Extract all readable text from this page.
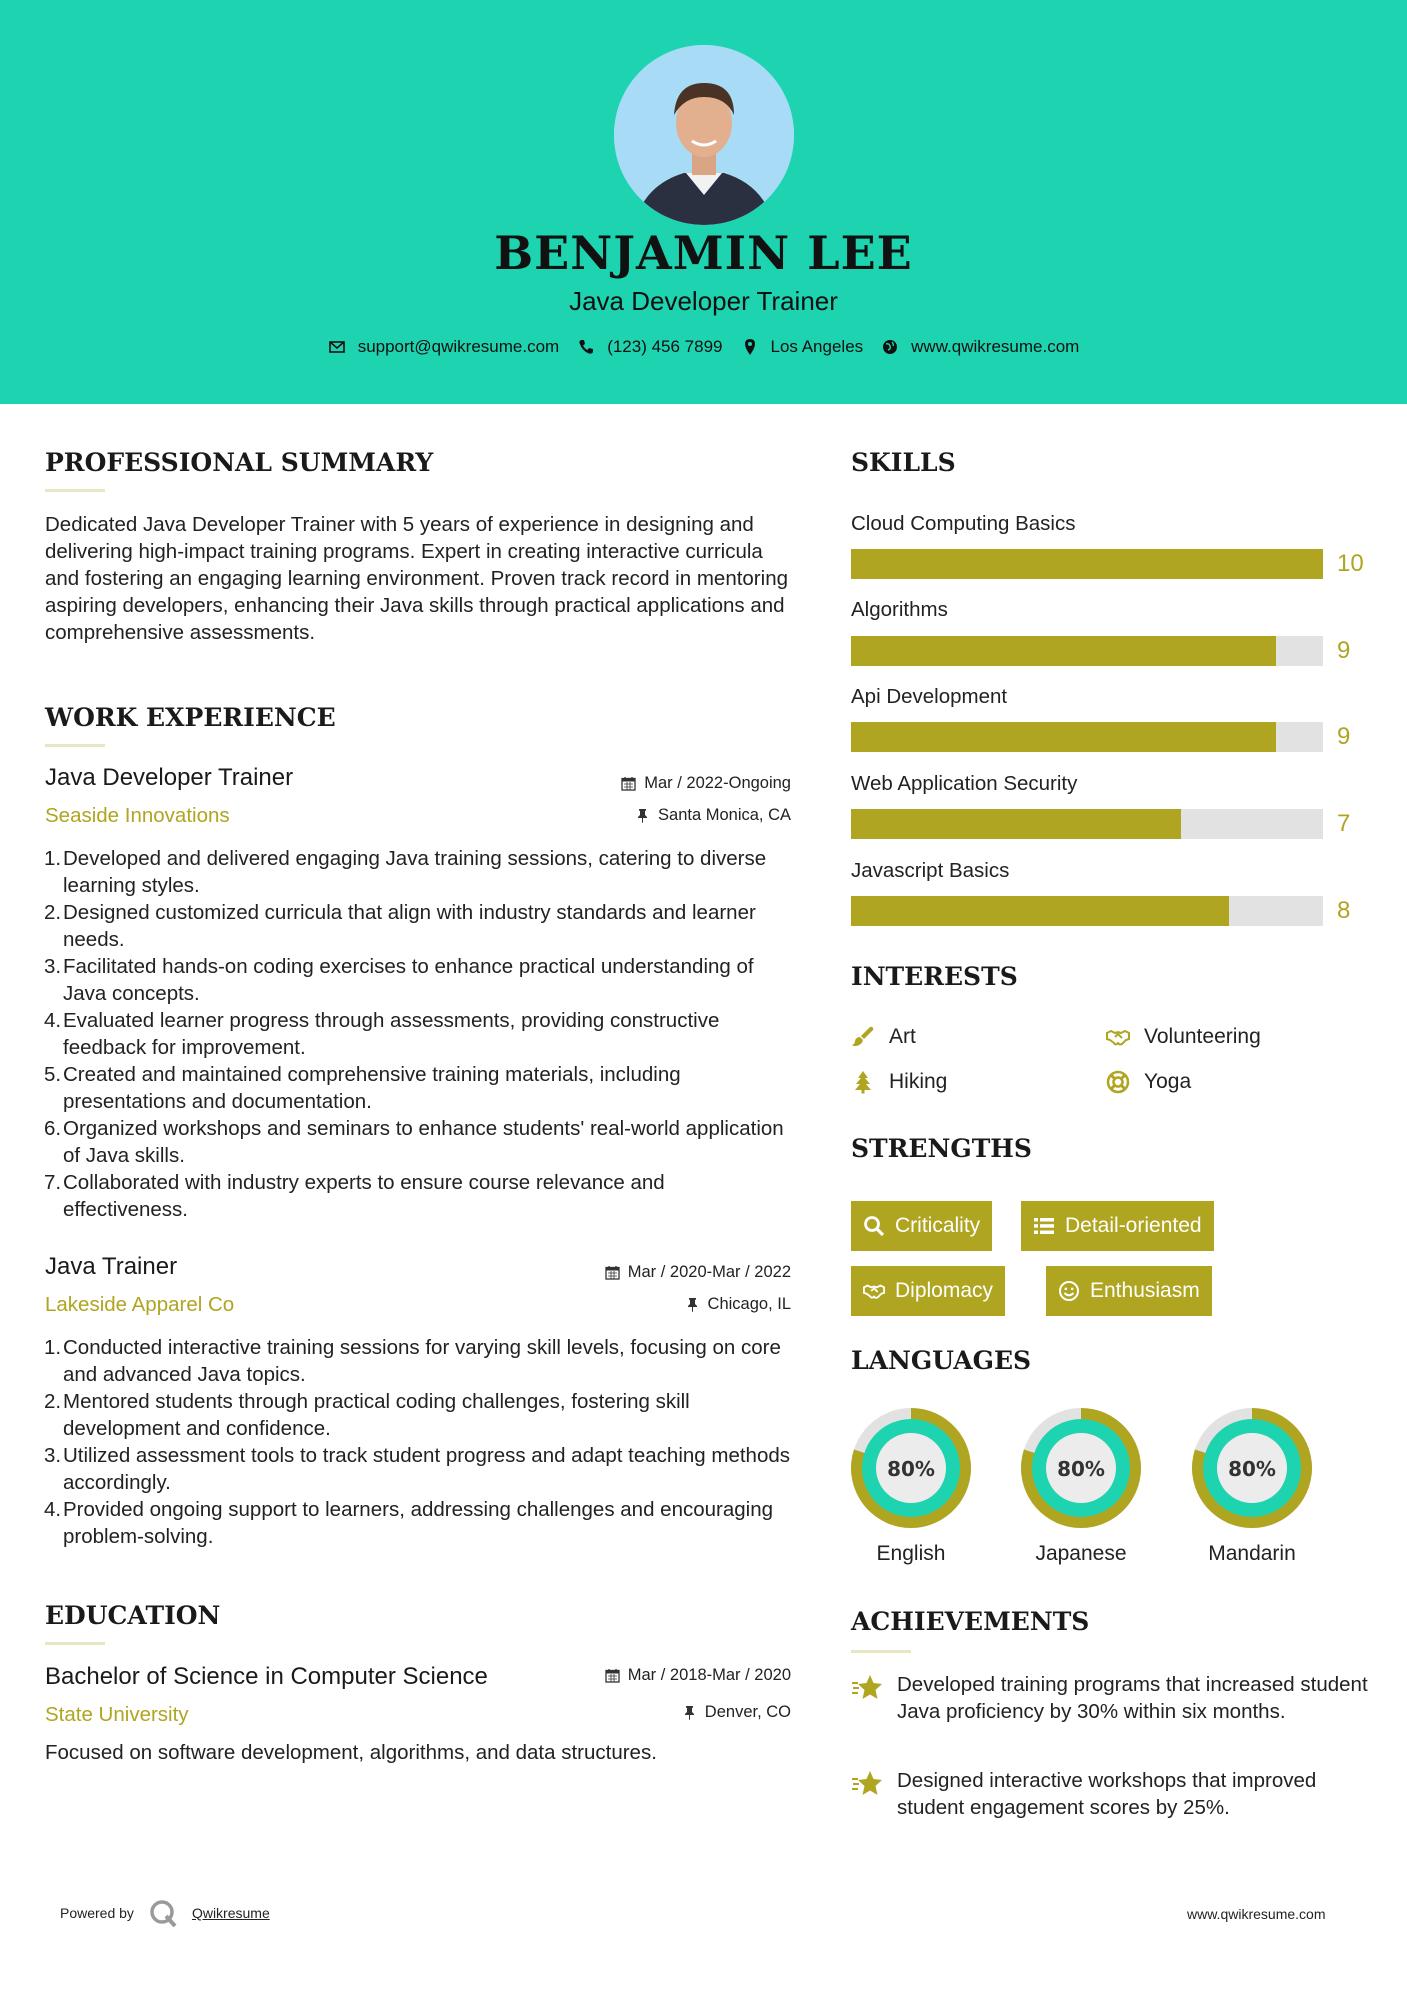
BENJAMIN LEE
Java Developer Trainer
support@qwikresume.com	(123) 456 7899	Los Angeles	www.qwikresume.com
PROFESSIONAL SUMMARY
Dedicated Java Developer Trainer with 5 years of experience in designing and delivering high-impact training programs. Expert in creating interactive curricula and fostering an engaging learning environment. Proven track record in mentoring aspiring developers, enhancing their Java skills through practical applications and comprehensive assessments.
WORK EXPERIENCE
Java Developer Trainer	Mar / 2022-Ongoing
Seaside Innovations	Santa Monica, CA
1. Developed and delivered engaging Java training sessions, catering to diverse learning styles.
2. Designed customized curricula that align with industry standards and learner needs.
3. Facilitated hands-on coding exercises to enhance practical understanding of Java concepts.
4. Evaluated learner progress through assessments, providing constructive feedback for improvement.
5. Created and maintained comprehensive training materials, including presentations and documentation.
6. Organized workshops and seminars to enhance students' real-world application of Java skills.
7. Collaborated with industry experts to ensure course relevance and effectiveness.
Java Trainer	Mar / 2020-Mar / 2022
Lakeside Apparel Co	Chicago, IL
1. Conducted interactive training sessions for varying skill levels, focusing on core and advanced Java topics.
2. Mentored students through practical coding challenges, fostering skill development and confidence.
3. Utilized assessment tools to track student progress and adapt teaching methods accordingly.
4. Provided ongoing support to learners, addressing challenges and encouraging problem-solving.
EDUCATION
Bachelor of Science in Computer Science	Mar / 2018-Mar / 2020
State University	Denver, CO
Focused on software development, algorithms, and data structures.
SKILLS
Cloud Computing Basics
10
Algorithms
9
Api Development
9
Web Application Security
7
Javascript Basics
8
INTERESTS
Art	Volunteering
Hiking	Yoga
STRENGTHS
Criticality	Detail-oriented
Diplomacy	Enthusiasm
LANGUAGES
80%
English
80%
Japanese
80%
Mandarin
ACHIEVEMENTS
Developed training programs that increased student Java proficiency by 30% within six months.
Designed interactive workshops that improved student engagement scores by 25%.
Powered by	Qwikresume	www.qwikresume.com
